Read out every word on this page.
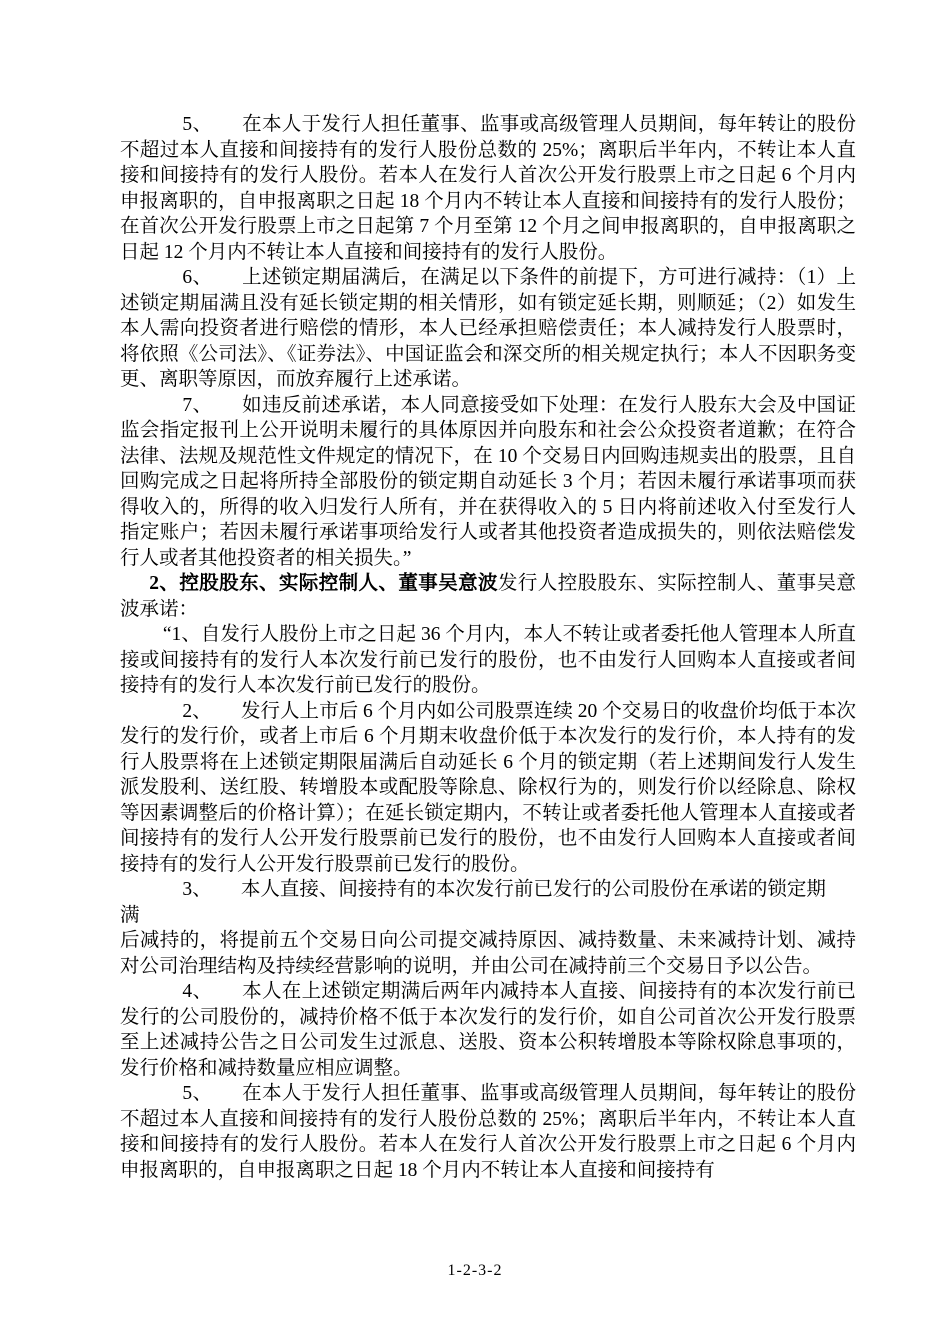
5、　　在本人于发行人担任董事、监事或高级管理人员期间，每年转让的股份不超过本人直接和间接持有的发行人股份总数的 25%；离职后半年内，不转让本人直接和间接持有的发行人股份。若本人在发行人首次公开发行股票上市之日起 6 个月内申报离职的，自申报离职之日起 18 个月内不转让本人直接和间接持有的发行人股份；在首次公开发行股票上市之日起第 7 个月至第 12 个月之间申报离职的，自申报离职之日起 12 个月内不转让本人直接和间接持有的发行人股份。

6、　　上述锁定期届满后，在满足以下条件的前提下，方可进行减持：（1）上述锁定期届满且没有延长锁定期的相关情形，如有锁定延长期，则顺延；（2）如发生本人需向投资者进行赔偿的情形，本人已经承担赔偿责任；本人减持发行人股票时，将依照《公司法》、《证券法》、中国证监会和深交所的相关规定执行；本人不因职务变更、离职等原因，而放弃履行上述承诺。

7、　　如违反前述承诺，本人同意接受如下处理：在发行人股东大会及中国证监会指定报刊上公开说明未履行的具体原因并向股东和社会公众投资者道歉；在符合法律、法规及规范性文件规定的情况下，在 10 个交易日内回购违规卖出的股票，且自回购完成之日起将所持全部股份的锁定期自动延长 3 个月；若因未履行承诺事项而获得收入的，所得的收入归发行人所有，并在获得收入的 5 日内将前述收入付至发行人指定账户；若因未履行承诺事项给发行人或者其他投资者造成损失的，则依法赔偿发行人或者其他投资者的相关损失。”

2、控股股东、实际控制人、董事吴意波发行人控股股东、实际控制人、董事吴意波承诺：

“1、自发行人股份上市之日起 36 个月内，本人不转让或者委托他人管理本人所直接或间接持有的发行人本次发行前已发行的股份，也不由发行人回购本人直接或者间接持有的发行人本次发行前已发行的股份。

2、　　发行人上市后 6 个月内如公司股票连续 20 个交易日的收盘价均低于本次发行的发行价，或者上市后 6 个月期末收盘价低于本次发行的发行价，本人持有的发行人股票将在上述锁定期限届满后自动延长 6 个月的锁定期（若上述期间发行人发生派发股利、送红股、转增股本或配股等除息、除权行为的，则发行价以经除息、除权等因素调整后的价格计算）；在延长锁定期内，不转让或者委托他人管理本人直接或者间接持有的发行人公开发行股票前已发行的股份，也不由发行人回购本人直接或者间接持有的发行人公开发行股票前已发行的股份。

3、　　本人直接、间接持有的本次发行前已发行的公司股份在承诺的锁定期

满

后减持的，将提前五个交易日向公司提交减持原因、减持数量、未来减持计划、减持对公司治理结构及持续经营影响的说明，并由公司在减持前三个交易日予以公告。

4、　　本人在上述锁定期满后两年内减持本人直接、间接持有的本次发行前已发行的公司股份的，减持价格不低于本次发行的发行价，如自公司首次公开发行股票至上述减持公告之日公司发生过派息、送股、资本公积转增股本等除权除息事项的，发行价格和减持数量应相应调整。

5、　　在本人于发行人担任董事、监事或高级管理人员期间，每年转让的股份不超过本人直接和间接持有的发行人股份总数的 25%；离职后半年内，不转让本人直接和间接持有的发行人股份。若本人在发行人首次公开发行股票上市之日起 6 个月内申报离职的，自申报离职之日起 18 个月内不转让本人直接和间接持有

1-2-3-2
